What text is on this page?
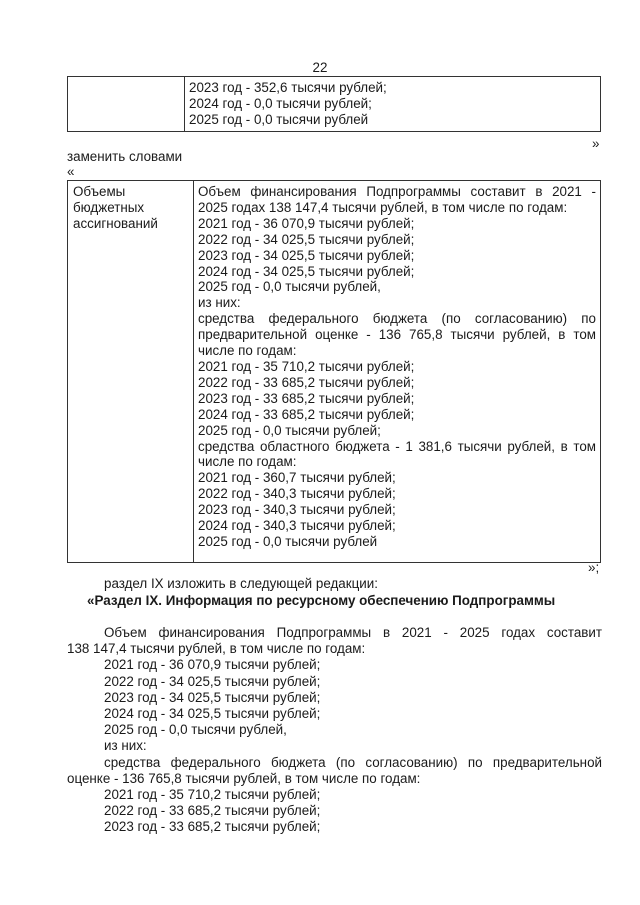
22

2023 год - 352,6 тысячи рублей;
2024 год - 0,0 тысячи рублей;
2025 год - 0,0 тысячи рублей
»
заменить словами
«
Объемы
бюджетных
ассигнований

Объем финансирования Подпрограммы составит в 2021 -
2025 годах 138 147,4 тысячи рублей, в том числе по годам:
2021 год - 36 070,9 тысячи рублей;
2022 год - 34 025,5 тысячи рублей;
2023 год - 34 025,5 тысячи рублей;
2024 год - 34 025,5 тысячи рублей;
2025 год - 0,0 тысячи рублей,
из них:
средства федерального бюджета (по согласованию) по
предварительной оценке - 136 765,8 тысячи рублей, в том
числе по годам:
2021 год - 35 710,2 тысячи рублей;
2022 год - 33 685,2 тысячи рублей;
2023 год - 33 685,2 тысячи рублей;
2024 год - 33 685,2 тысячи рублей;
2025 год - 0,0 тысячи рублей;
средства областного бюджета - 1 381,6 тысячи рублей, в том
числе по годам:
2021 год - 360,7 тысячи рублей;
2022 год - 340,3 тысячи рублей;
2023 год - 340,3 тысячи рублей;
2024 год - 340,3 тысячи рублей;
2025 год - 0,0 тысячи рублей
»;
раздел IX изложить в следующей редакции:
«Раздел IX. Информация по ресурсному обеспечению Подпрограммы
Объем финансирования Подпрограммы в 2021 - 2025 годах составит
138 147,4 тысячи рублей, в том числе по годам:
2021 год - 36 070,9 тысячи рублей;
2022 год - 34 025,5 тысячи рублей;
2023 год - 34 025,5 тысячи рублей;
2024 год - 34 025,5 тысячи рублей;
2025 год - 0,0 тысячи рублей,
из них:
средства федерального бюджета (по согласованию) по предварительной
оценке - 136 765,8 тысячи рублей, в том числе по годам:
2021 год - 35 710,2 тысячи рублей;
2022 год - 33 685,2 тысячи рублей;
2023 год - 33 685,2 тысячи рублей;
